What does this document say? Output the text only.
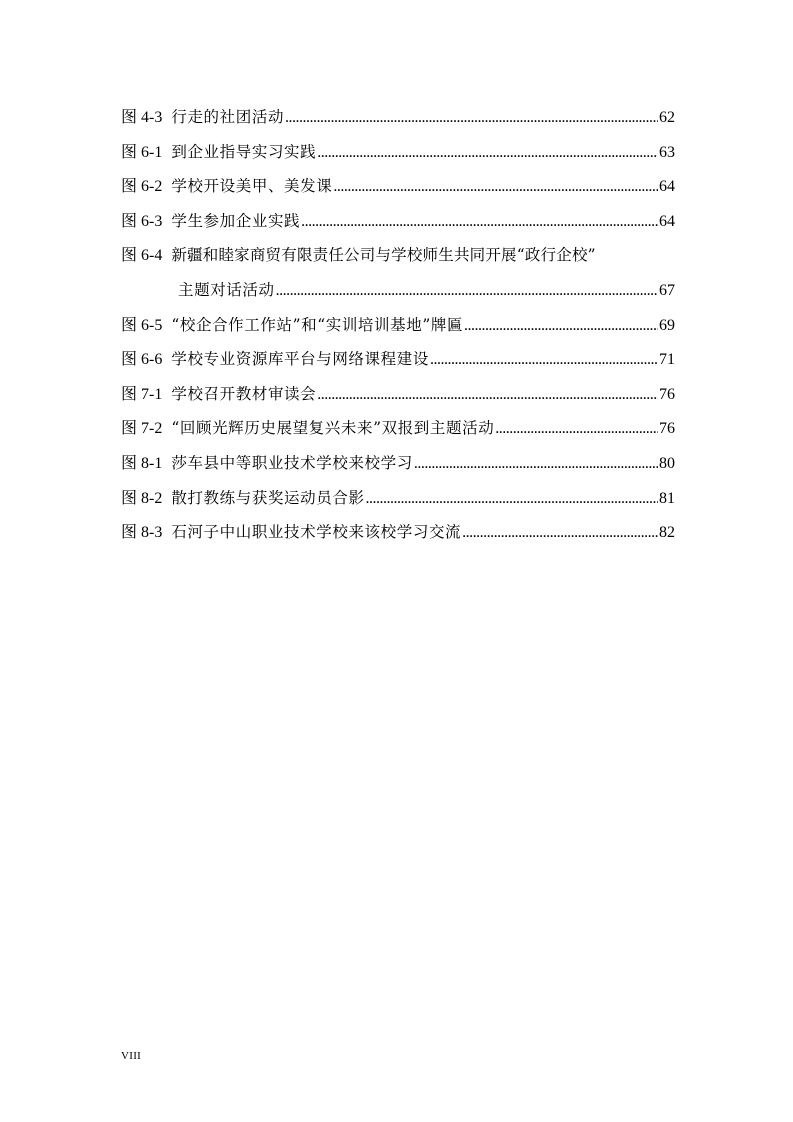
图 4-3 行走的社团活动 .....	62
图 6-1 到企业指导实习实践 .....	63
图 6-2 学校开设美甲、美发课 .....	64
图 6-3 学生参加企业实践 .....	64
图 6-4 新疆和睦家商贸有限责任公司与学校师生共同开展“政行企校”
主题对话活动 .....	67
图 6-5 “校企合作工作站”和“实训培训基地”牌匾 .....	69
图 6-6 学校专业资源库平台与网络课程建设 .....	71
图 7-1 学校召开教材审读会 .....	76
图 7-2 “回顾光辉历史展望复兴未来”双报到主题活动 .....	76
图 8-1 莎车县中等职业技术学校来校学习 .....	80
图 8-2 散打教练与获奖运动员合影 .....	81
图 8-3 石河子中山职业技术学校来该校学习交流 .....	82
VIII
